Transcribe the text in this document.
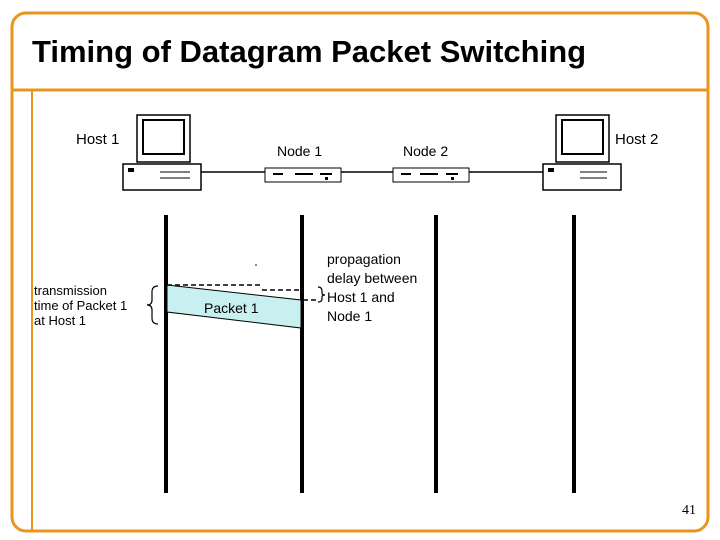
Timing of Datagram Packet Switching
Host 1
Node 1	Node 2
Host 2
transmission
time of Packet 1
at Host 1
Packet 1
propagation
delay between
Host 1 and
Node 1
41
